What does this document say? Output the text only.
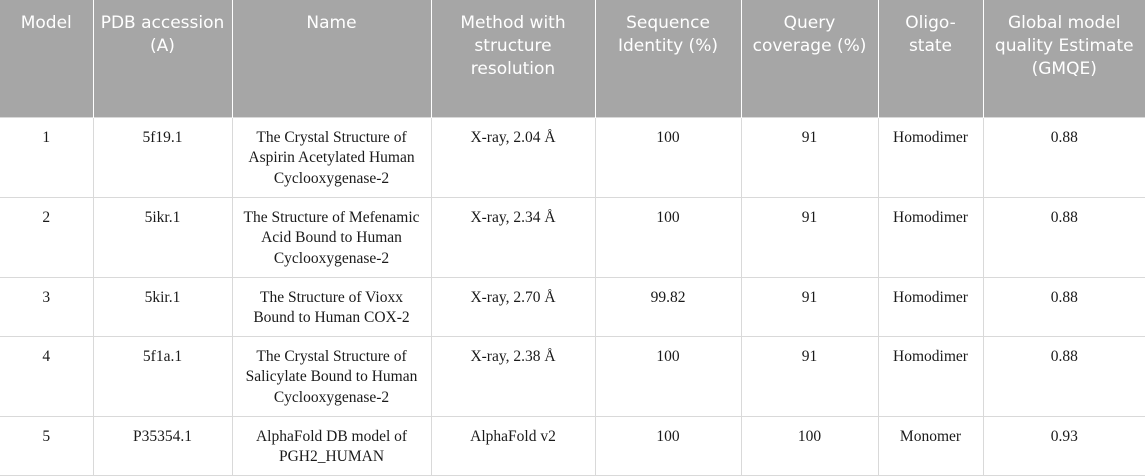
Model	PDB accession (A)	Name	Method with structure resolution	Sequence Identity (%)	Query coverage (%)	Oligo-state	Global model quality Estimate (GMQE)
1	5f19.1	The Crystal Structure of Aspirin Acetylated Human Cyclooxygenase-2	X-ray, 2.04 Å	100	91	Homodimer	0.88
2	5ikr.1	The Structure of Mefenamic Acid Bound to Human Cyclooxygenase-2	X-ray, 2.34 Å	100	91	Homodimer	0.88
3	5kir.1	The Structure of Vioxx Bound to Human COX-2	X-ray, 2.70 Å	99.82	91	Homodimer	0.88
4	5f1a.1	The Crystal Structure of Salicylate Bound to Human Cyclooxygenase-2	X-ray, 2.38 Å	100	91	Homodimer	0.88
5	P35354.1	AlphaFold DB model of PGH2_HUMAN	AlphaFold v2	100	100	Monomer	0.93
